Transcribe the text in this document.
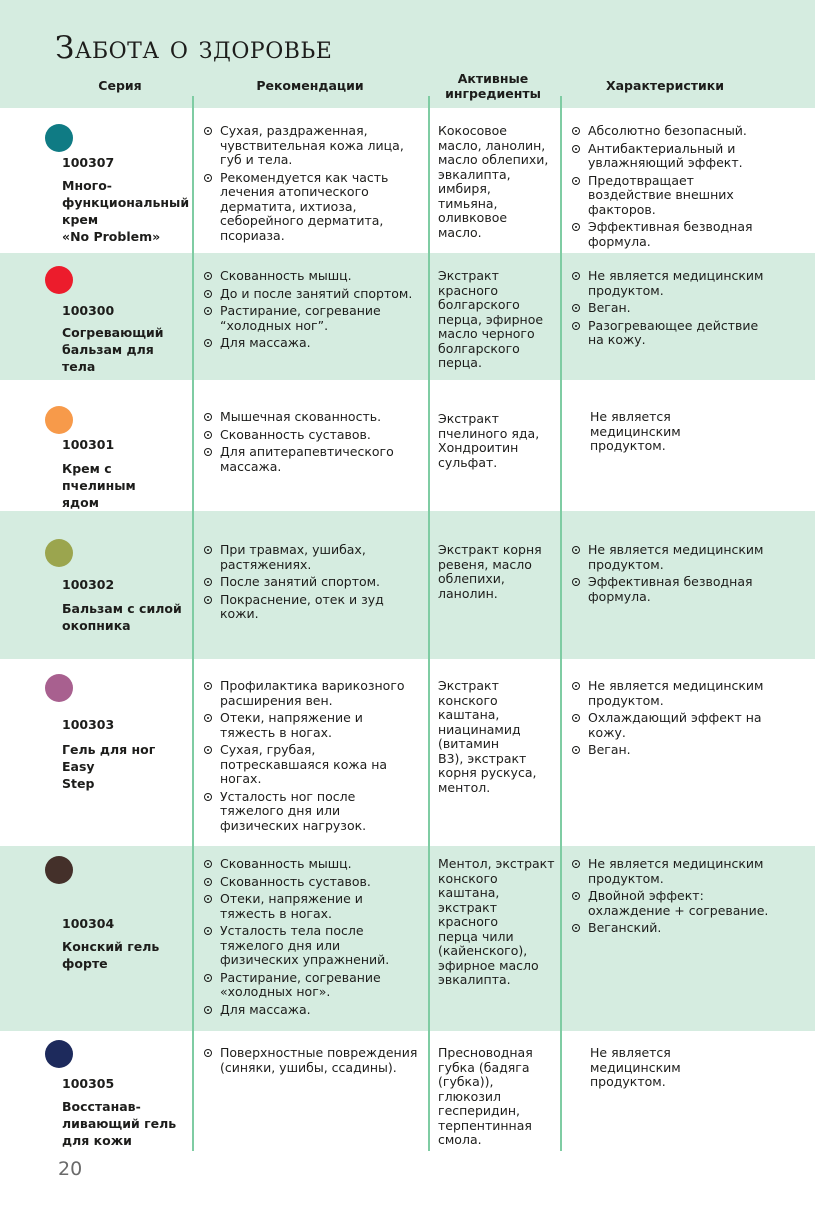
Забота о здоровье
Серия	Рекомендации	Активные
ингредиенты
Характеристики
100307
Много-
функциональный
крем
«No Problem»
Сухая, раздраженная, чувствительная кожа лица, губ и тела.
Рекомендуется как часть лечения атопического дерматита, ихтиоза, себорейного дерматита, псориаза.
Кокосовое
масло, ланолин,
масло облепихи,
эвкалипта,
имбиря,
тимьяна,
оливковое
масло.
Абсолютно безопасный.
Антибактериальный и увлажняющий эффект.
Предотвращает воздействие внешних факторов.
Эффективная безводная формула.
100300
Согревающий
бальзам для тела
Скованность мышц.
До и после занятий спортом.
Растирание, согревание “холодных ног”.
Для массажа.
Экстракт
красного
болгарского
перца, эфирное
масло черного
болгарского
перца.
Не является медицинским продуктом.
Веган.
Разогревающее действие на кожу.
100301
Крем с пчелиным
ядом
Мышечная скованность.
Скованность суставов.
Для апитерапевтического массажа.
Экстракт
пчелиного яда,
Хондроитин
сульфат.
Не является
медицинским
продуктом.
100302
Бальзам с силой
окопника
При травмах, ушибах, растяжениях.
После занятий спортом.
Покраснение, отек и зуд кожи.
Экстракт корня
ревеня, масло
облепихи,
ланолин.
Не является медицинским продуктом.
Эффективная безводная формула.
100303
Гель для ног Easy
Step
Профилактика варикозного расширения вен.
Отеки, напряжение и тяжесть в ногах.
Сухая, грубая, потрескавшаяся кожа на ногах.
Усталость ног после тяжелого дня или физических нагрузок.
Экстракт
конского
каштана,
ниацинамид
(витамин
В3), экстракт
корня рускуса,
ментол.
Не является медицинским продуктом.
Охлаждающий эффект на кожу.
Веган.
100304
Конский гель
форте
Скованность мышц.
Скованность суставов.
Отеки, напряжение и тяжесть в ногах.
Усталость тела после тяжелого дня или физических упражнений.
Растирание, согревание «холодных ног».
Для массажа.
Ментол, экстракт
конского
каштана,
экстракт
красного
перца чили
(кайенского),
эфирное масло
эвкалипта.
Не является медицинским продуктом.
Двойной эффект: охлаждение + согревание.
Веганский.
100305
Восстанав-
ливающий гель
для кожи
Поверхностные повреждения (синяки, ушибы, ссадины).
Пресноводная
губка (бадяга
(губка)),
глюкозил
гесперидин,
терпентинная
смола.
Не является
медицинским
продуктом.
20
